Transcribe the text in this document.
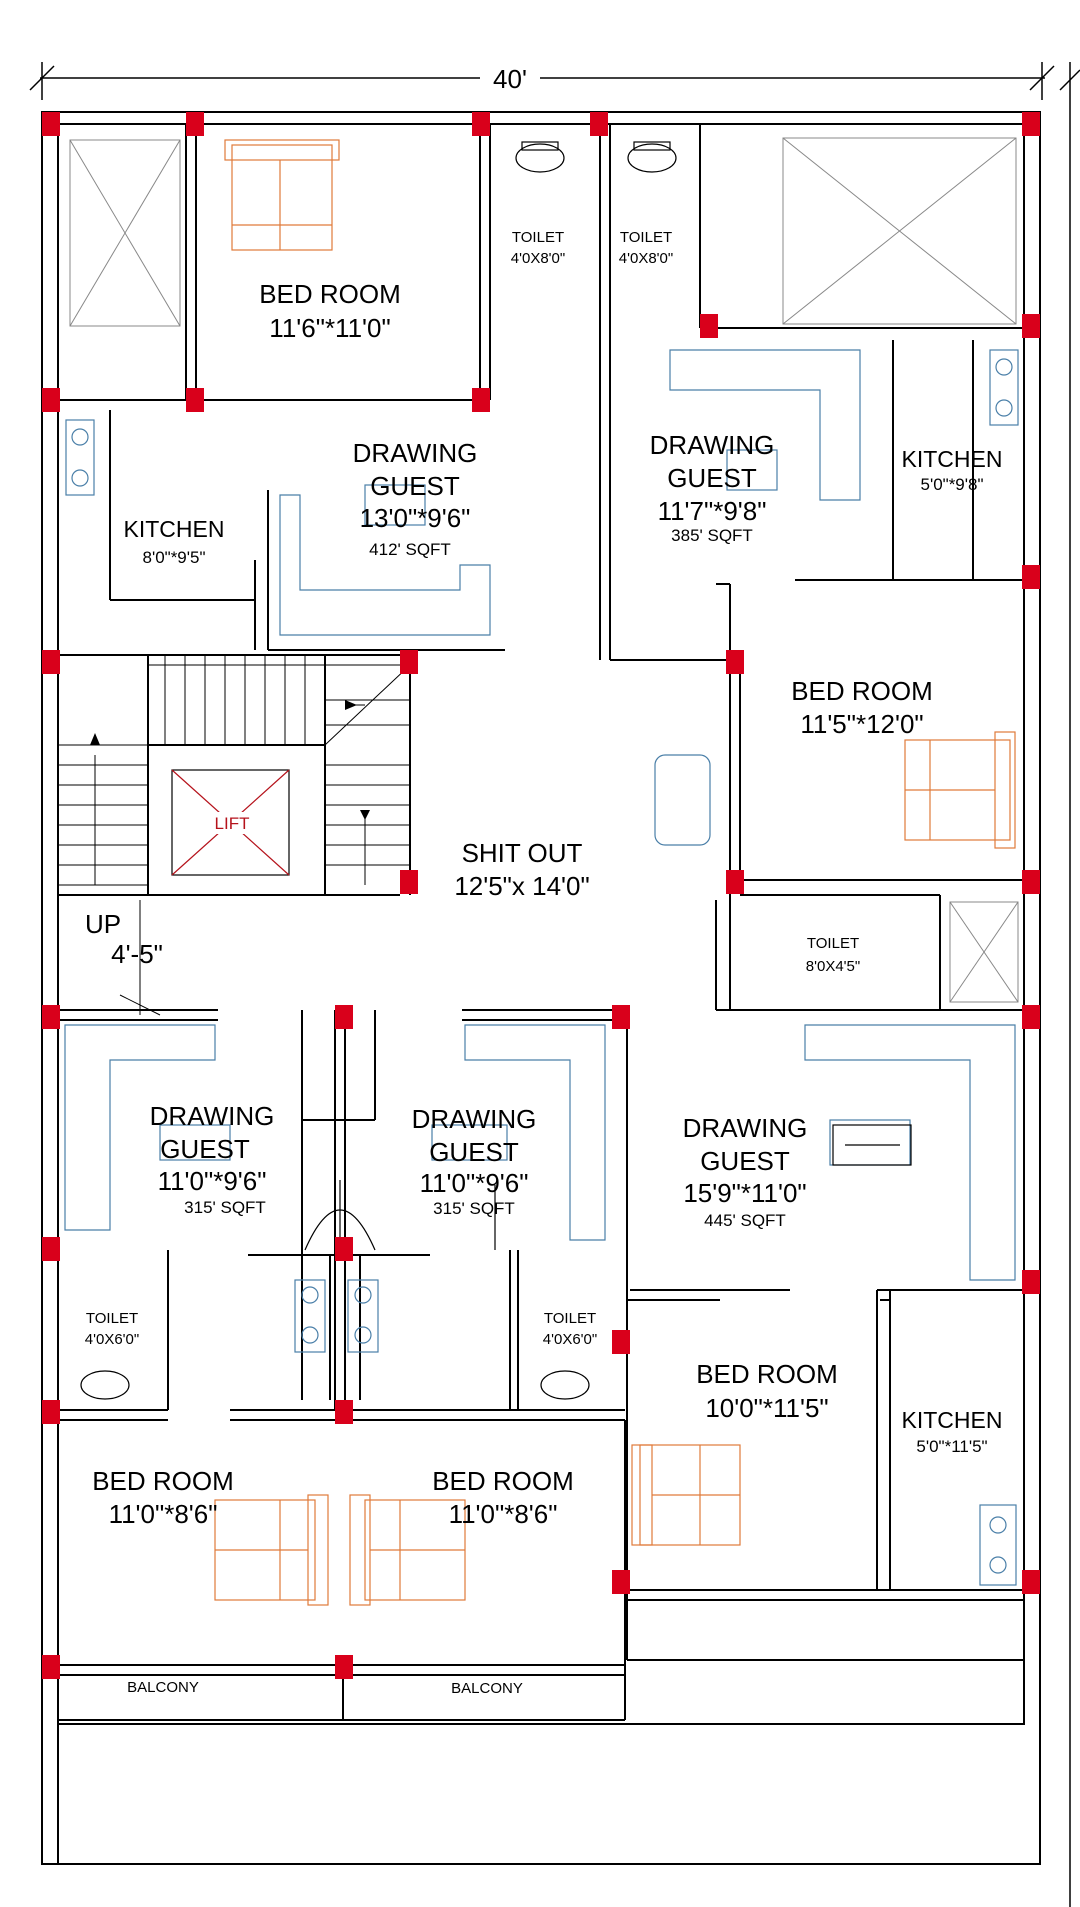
40'
LIFT
BED ROOM
11'6"*11'0"
TOILET
4'0X8'0"
TOILET
4'0X8'0"
DRAWING
GUEST
13'0"*9'6"
412' SQFT
KITCHEN
8'0"*9'5"
DRAWING
GUEST
11'7"*9'8"
385' SQFT
KITCHEN
5'0"*9'8"
BED ROOM
11'5"*12'0"
SHIT OUT
12'5"x 14'0"
UP
4'-5"	TOILET
8'0X4'5"
DRAWING
GUEST
11'0"*9'6"
315' SQFT
DRAWING
GUEST
11'0"*9'6"
315' SQFT
DRAWING
GUEST
15'9"*11'0"
445' SQFT
TOILET
4'0X6'0"
TOILET
4'0X6'0"
BED ROOM
10'0"*11'5"	KITCHEN
5'0"*11'5"
BED ROOM
11'0"*8'6"
BED ROOM
11'0"*8'6"
BALCONY	BALCONY
